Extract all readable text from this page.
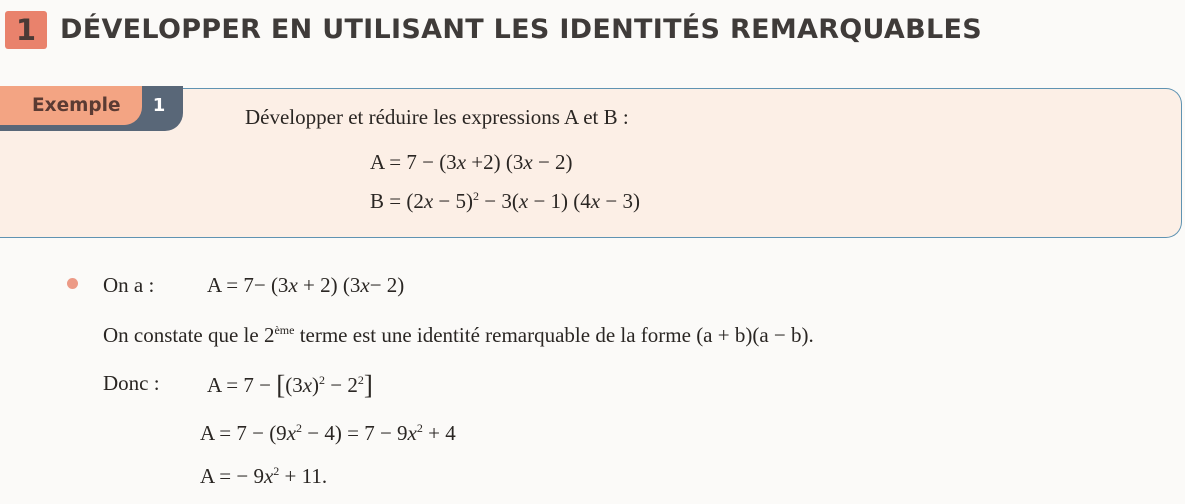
1 DÉVELOPPER EN UTILISANT LES IDENTITÉS REMARQUABLES
Exemple	1	Développer et réduire les expressions A et B :
A = 7 − (3x +2) (3x − 2)
$B = (2x - 5)^2 - 3(x - 1)$ (4x − 3)
On a :	A = 7− (3x + 2) (3x− 2)
On constate que le 2ème terme est une identité remarquable de la forme (a + b)(a − b).
Donc : $A = 7 - [(3x)^2 - 2^2]$
$A = 7 - (9x^2 - 4) = 7 - 9x^2 + 4$
A = − $9x^2 + 11$.
